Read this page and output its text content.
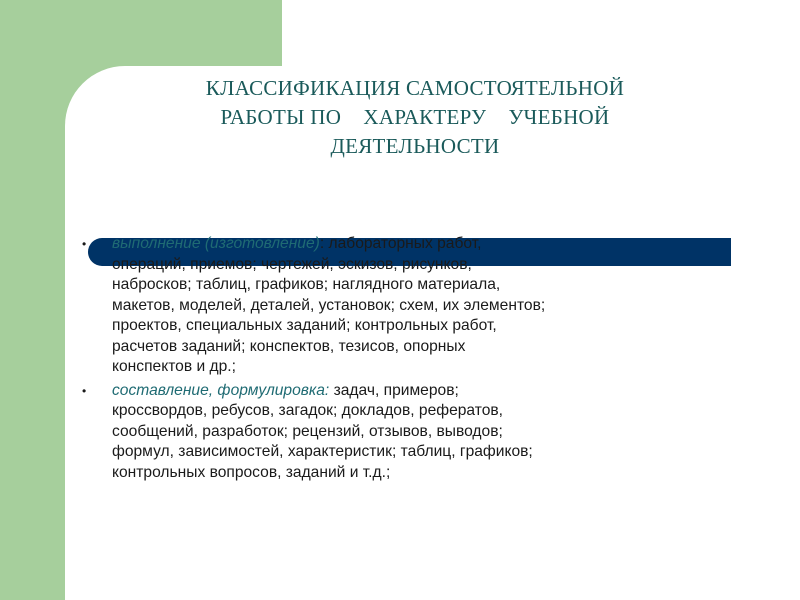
КЛАССИФИКАЦИЯ САМОСТОЯТЕЛЬНОЙ
РАБОТЫ ПО    ХАРАКТЕРУ    УЧЕБНОЙ
ДЕЯТЕЛЬНОСТИ
• выполнение (изготовление): лабораторных работ,
операций, приемов; чертежей, эскизов, рисунков,
набросков; таблиц, графиков; наглядного материала,
макетов, моделей, деталей, установок; схем, их элементов;
проектов, специальных заданий; контрольных работ,
расчетов заданий; конспектов, тезисов, опорных
конспектов и др.;
• составление, формулировка: задач, примеров;
кроссвордов, ребусов, загадок; докладов, рефератов,
сообщений, разработок; рецензий, отзывов, выводов;
формул, зависимостей, характеристик; таблиц, графиков;
контрольных вопросов, заданий и т.д.;
